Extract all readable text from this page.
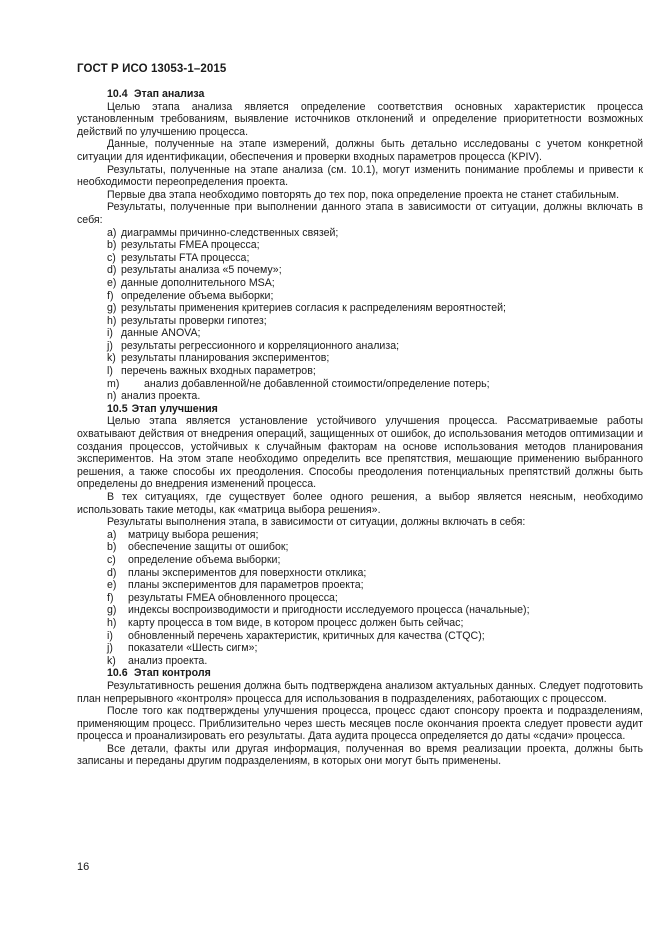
ГОСТ Р ИСО 13053-1–2015
10.4 Этап анализа

Целью этапа анализа является определение соответствия основных характеристик процесса установленным требованиям, выявление источников отклонений и определение приоритетности возможных действий по улучшению процесса.

Данные, полученные на этапе измерений, должны быть детально исследованы с учетом конкретной ситуации для идентификации, обеспечения и проверки входных параметров процесса (KPIV).

Результаты, полученные на этапе анализа (см. 10.1), могут изменить понимание проблемы и привести к необходимости переопределения проекта.

Первые два этапа необходимо повторять до тех пор, пока определение проекта не станет стабильным.

Результаты, полученные при выполнении данного этапа в зависимости от ситуации, должны включать в себя:

a) диаграммы причинно-следственных связей;
b) результаты FMEA процесса;
c) результаты FTA процесса;
d) результаты анализа «5 почему»;
e) данные дополнительного MSA;
f) определение объема выборки;
g) результаты применения критериев согласия к распределениям вероятностей;
h) результаты проверки гипотез;
i) данные ANOVA;
j) результаты регрессионного и корреляционного анализа;
k) результаты планирования экспериментов;
l) перечень важных входных параметров;
m) анализ добавленной/не добавленной стоимости/определение потерь;
n) анализ проекта.
10.5 Этап улучшения

Целью этапа является установление устойчивого улучшения процесса. Рассматриваемые работы охватывают действия от внедрения операций, защищенных от ошибок, до использования методов оптимизации и создания процессов, устойчивых к случайным факторам на основе использования методов планирования экспериментов. На этом этапе необходимо определить все препятствия, мешающие применению выбранного решения, а также способы их преодоления. Способы преодоления потенциальных препятствий должны быть определены до внедрения изменений процесса.

В тех ситуациях, где существует более одного решения, а выбор является неясным, необходимо использовать такие методы, как «матрица выбора решения».

Результаты выполнения этапа, в зависимости от ситуации, должны включать в себя:

a) матрицу выбора решения;
b) обеспечение защиты от ошибок;
c) определение объема выборки;
d) планы экспериментов для поверхности отклика;
e) планы экспериментов для параметров проекта;
f) результаты FMEA обновленного процесса;
g) индексы воспроизводимости и пригодности исследуемого процесса (начальные);
h) карту процесса в том виде, в котором процесс должен быть сейчас;
i) обновленный перечень характеристик, критичных для качества (CTQC);
j) показатели «Шесть сигм»;
k) анализ проекта.
10.6 Этап контроля

Результативность решения должна быть подтверждена анализом актуальных данных. Следует подготовить план непрерывного «контроля» процесса для использования в подразделениях, работающих с процессом.

После того как подтверждены улучшения процесса, процесс сдают спонсору проекта и подразделениям, применяющим процесс. Приблизительно через шесть месяцев после окончания проекта следует провести аудит процесса и проанализировать его результаты. Дата аудита процесса определяется до даты «сдачи» процесса.

Все детали, факты или другая информация, полученная во время реализации проекта, должны быть записаны и переданы другим подразделениям, в которых они могут быть применены.

16
